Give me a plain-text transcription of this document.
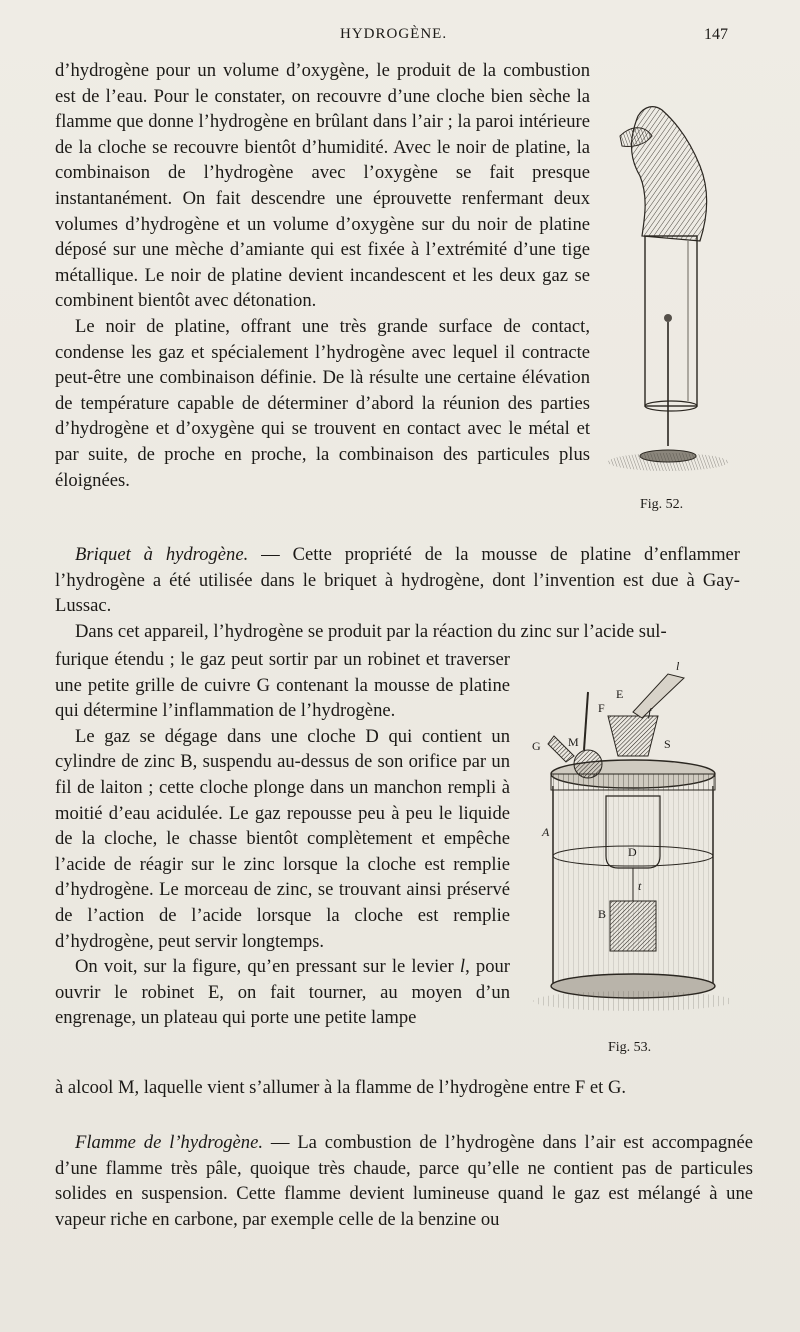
HYDROGÈNE.	147

d’hydrogène pour un volume d’oxygène, le produit de la combustion est de l’eau. Pour le constater, on recouvre d’une cloche bien sèche la flamme que donne l’hydrogène en brûlant dans l’air ; la paroi intérieure de la cloche se recouvre bientôt d’humidité. Avec le noir de platine, la combinaison de l’hydrogène avec l’oxygène se fait presque instantanément. On fait descendre une éprouvette renfermant deux volumes d’hydrogène et un volume d’oxygène sur du noir de platine déposé sur une mèche d’amiante qui est fixée à l’extrémité d’une tige métallique. Le noir de platine devient incandescent et les deux gaz se combinent bientôt avec détonation.

Le noir de platine, offrant une très grande surface de contact, condense les gaz et spécialement l’hydrogène avec lequel il contracte peut-être une combinaison définie. De là résulte une certaine élévation de température capable de déterminer d’abord la réunion des parties d’hydrogène et d’oxygène qui se trouvent en contact avec le métal et par suite, de proche en proche, la combinaison des particules plus éloignées.

Fig. 52.

Briquet à hydrogène. — Cette propriété de la mousse de platine d’enflammer l’hydrogène a été utilisée dans le briquet à hydrogène, dont l’invention est due à Gay-Lussac.

Dans cet appareil, l’hydrogène se produit par la réaction du zinc sur l’acide sul-

furique étendu ; le gaz peut sortir par un robinet et traverser une petite grille de cuivre G contenant la mousse de platine qui détermine l’inflammation de l’hydrogène.

Le gaz se dégage dans une cloche D qui contient un cylindre de zinc B, suspendu au-dessus de son orifice par un fil de laiton ; cette cloche plonge dans un manchon rempli à moitié d’eau acidulée. Le gaz repousse peu à peu le liquide de la cloche, le chasse bientôt complètement et empêche l’acide de réagir sur le zinc lorsque la cloche est remplie d’hydrogène. Le morceau de zinc, se trouvant ainsi préservé de l’action de l’acide lorsque la cloche est remplie d’hydrogène, peut servir longtemps.

On voit, sur la figure, qu’en pressant sur le levier l, pour ouvrir le robinet E, on fait tourner, au moyen d’un engrenage, un plateau qui porte une petite lampe

l
E
F	f
G M	S
A
D
t
B
Fig. 53.

à alcool M, laquelle vient s’allumer à la flamme de l’hydrogène entre F et G.

Flamme de l’hydrogène. — La combustion de l’hydrogène dans l’air est accompagnée d’une flamme très pâle, quoique très chaude, parce qu’elle ne contient pas de particules solides en suspension. Cette flamme devient lumineuse quand le gaz est mélangé à une vapeur riche en carbone, par exemple celle de la benzine ou
